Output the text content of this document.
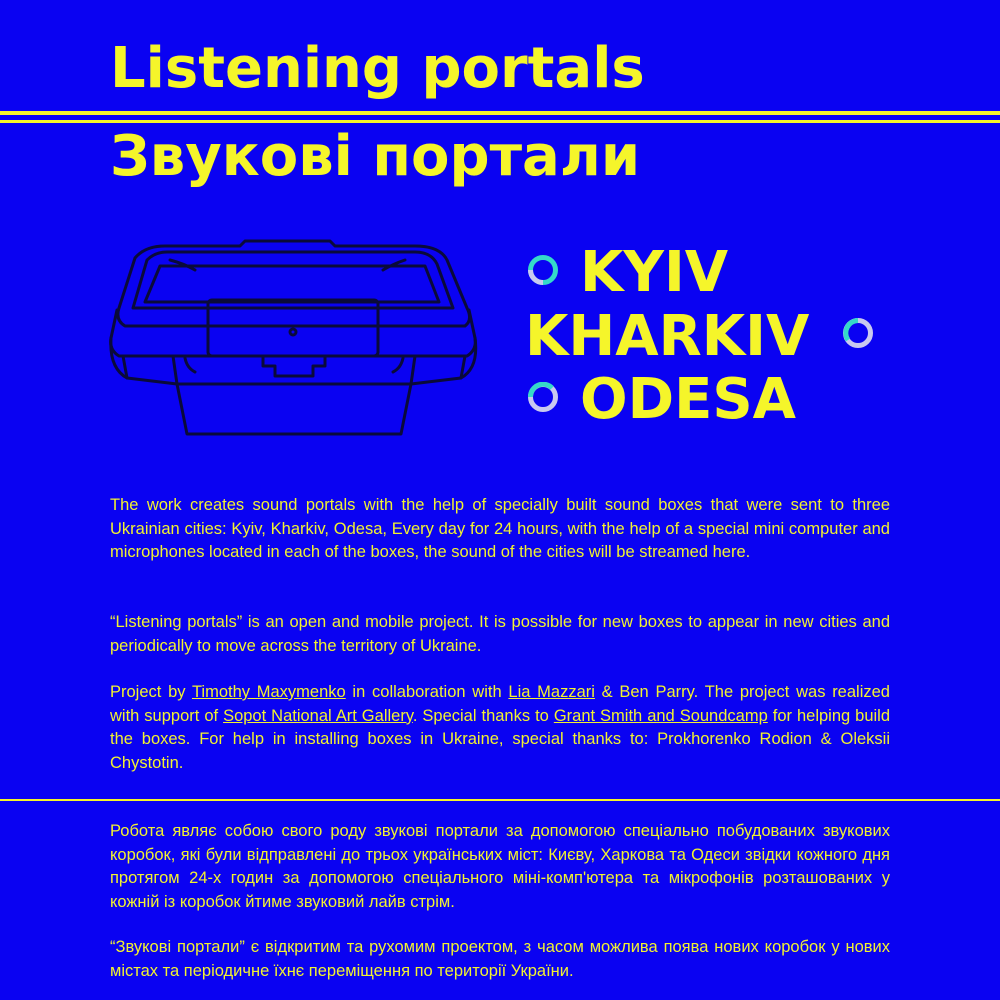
Listening portals
Звукові портали
KYIV
KHARKIV
ODESA
The work creates sound portals with the help of specially built sound boxes that were sent to three Ukrainian cities: Kyiv, Kharkiv, Odesa, Every day for 24 hours, with the help of a special mini computer and microphones located in each of the boxes, the sound of the cities will be streamed here.
“Listening portals” is an open and mobile project. It is possible for new boxes to appear in new cities and periodically to move across the territory of Ukraine.
Project by Timothy Maxymenko in collaboration with Lia Mazzari & Ben Parry. The project was realized with support of Sopot National Art Gallery. Special thanks to Grant Smith and Soundcamp for helping build the boxes. For help in installing boxes in Ukraine, special thanks to: Prokhorenko Rodion & Oleksii Chystotin.
Робота являє собою свого роду звукові портали за допомогою спеціально побудованих звукових коробок, які були відправлені до трьох українських міст: Києву, Харкова та Одеси звідки кожного дня протягом 24-х годин за допомогою спеціального міні-комп'ютера та мікрофонів розташованих у кожній із коробок йтиме звуковий лайв стрім.
“Звукові портали” є відкритим та рухомим проектом, з часом можлива поява нових коробок у нових містах та періодичне їхнє переміщення по території України.
